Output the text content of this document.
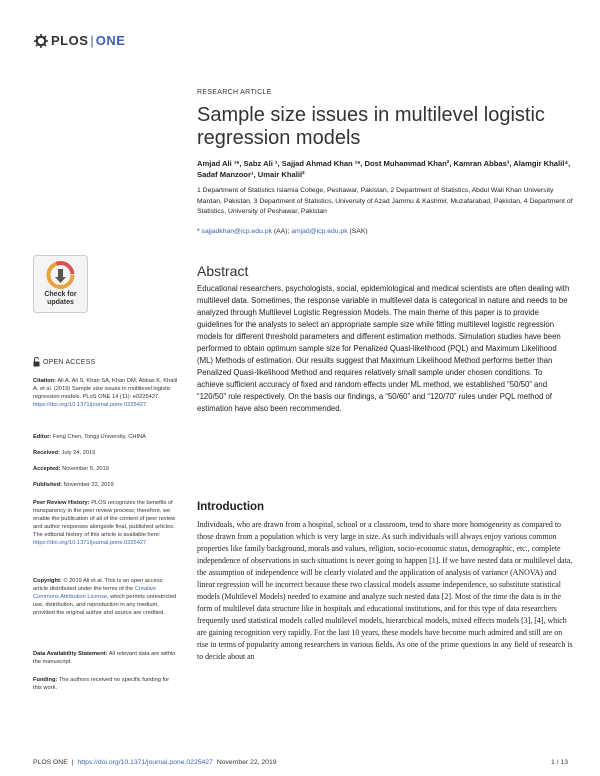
PLOS | ONE
RESEARCH ARTICLE
Sample size issues in multilevel logistic regression models
Amjad Ali ¹*, Sabz Ali ¹, Sajjad Ahmad Khan ¹*, Dost Muhammad Khan², Kamran Abbas³, Alamgir Khalil⁴, Sadaf Manzoor¹, Umair Khalil²
1 Department of Statistics Islamia College, Peshawar, Pakistan, 2 Department of Statistics, Abdul Wali Khan University Mardan, Pakistan, 3 Department of Statistics, University of Azad Jammu & Kashmir, Muzafarabad, Pakistan, 4 Department of Statistics, University of Peshawar, Pakistan
* sajjadkhan@icp.edu.pk (AA); amjad@icp.edu.pk (SAK)
Abstract

Educational researchers, psychologists, social, epidemiological and medical scientists are often dealing with multilevel data. Sometimes, the response variable in multilevel data is categorical in nature and needs to be analyzed through Multilevel Logistic Regression Models. The main theme of this paper is to provide guidelines for the analysts to select an appropriate sample size while fitting multilevel logistic regression models for different threshold parameters and different estimation methods. Simulation studies have been performed to obtain optimum sample size for Penalized Quasi-likelihood (PQL) and Maximum Likelihood (ML) Methods of estimation. Our results suggest that Maximum Likelihood Method performs better than Penalized Quasi-likelihood Method and requires relatively small sample under chosen conditions. To achieve sufficient accuracy of fixed and random effects under ML method, we established “50/50” and “120/50” rule respectively. On the basis our findings, a “50/60” and “120/70” rules under PQL method of estimation have also been recommended.

Introduction

Individuals, who are drawn from a hospital, school or a classroom, tend to share more homogeneity as compared to those drawn from a population which is very large in size. As such individuals will always enjoy various common properties like family background, morals and values, religion, socio-economic status, demographic, etc., complete independence of observations in such situations is never going to happen [1]. If we have nested data or multilevel data, the assumption of independence will be clearly violated and the application of analysis of variance (ANOVA) and linear regression will be incorrect because these two classical models assume independence, so substitute statistical models (Multilevel Models) needed to examine and analyze such nested data [2]. Most of the time the data is in the form of multilevel data structure like in hospitals and educational institutions, and for this type of data researchers frequently used statistical models called multilevel models, hierarchical models, mixed effects models [3], [4], which are gaining recognition very rapidly. For the last 10 years, these models have become much admired and still are on rise in terms of popularity among researchers in various fields. As one of the prime questions in any field of research is to decide about an

Check for
updates
OPEN ACCESS

Citation: Ali A, Ali S, Khan SA, Khan DM, Abbas K, Khalil A, et al. (2019) Sample size issues in multilevel logistic regression models. PLoS ONE 14 (11): e0225427. https://doi.org/10.1371/journal.pone.0225427

Editor: Feng Chen, Tongji University, CHINA

Received: July 24, 2019

Accepted: November 5, 2019

Published: November 22, 2019

Peer Review History: PLOS recognizes the benefits of transparency in the peer review process; therefore, we enable the publication of all of the content of peer review and author responses alongside final, published articles. The editorial history of this article is available here: https://doi.org/10.1371/journal.pone.0225427

Copyright: © 2019 Ali et al. This is an open access article distributed under the terms of the Creative Commons Attribution License, which permits unrestricted use, distribution, and reproduction in any medium, provided the original author and source are credited.

Data Availability Statement: All relevant data are within the manuscript.

Funding: The authors received no specific funding for this work.

PLOS ONE | https://doi.org/10.1371/journal.pone.0225427 November 22, 2019	1 / 13
